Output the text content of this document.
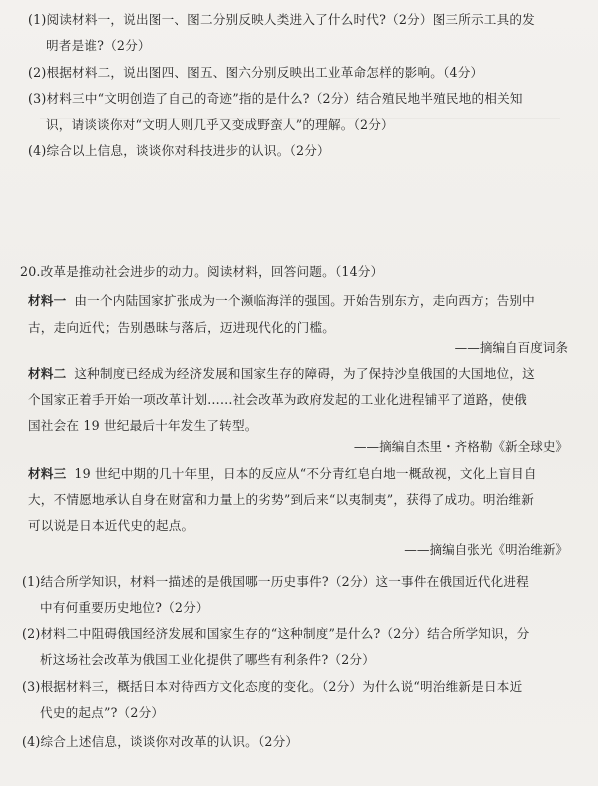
(1)阅读材料一，说出图一、图二分别反映人类进入了什么时代?（2分）图三所示工具的发
明者是谁?（2分）
(2)根据材料二，说出图四、图五、图六分别反映出工业革命怎样的影响。（4分）
(3)材料三中“文明创造了自己的奇迹”指的是什么?（2分）结合殖民地半殖民地的相关知
识，请谈谈你对“文明人则几乎又变成野蛮人”的理解。（2分）
(4)综合以上信息，谈谈你对科技进步的认识。（2分）
20.改革是推动社会进步的动力。阅读材料，回答问题。（14分）
材料一 由一个内陆国家扩张成为一个濒临海洋的强国。开始告别东方，走向西方；告别中
古，走向近代；告别愚昧与落后，迈进现代化的门槛。
——摘编自百度词条
材料二 这种制度已经成为经济发展和国家生存的障碍，为了保持沙皇俄国的大国地位，这
个国家正着手开始一项改革计划……社会改革为政府发起的工业化进程铺平了道路，使俄
国社会在 19 世纪最后十年发生了转型。
——摘编自杰里・齐格勒《新全球史》
材料三 19 世纪中期的几十年里，日本的反应从“不分青红皂白地一概敌视，文化上盲目自
大，不情愿地承认自身在财富和力量上的劣势”到后来“以夷制夷”，获得了成功。明治维新
可以说是日本近代史的起点。
——摘编自张光《明治维新》
(1)结合所学知识，材料一描述的是俄国哪一历史事件?（2分）这一事件在俄国近代化进程
中有何重要历史地位?（2分）
(2)材料二中阻碍俄国经济发展和国家生存的“这种制度”是什么?（2分）结合所学知识，分
析这场社会改革为俄国工业化提供了哪些有利条件?（2分）
(3)根据材料三，概括日本对待西方文化态度的变化。（2分）为什么说“明治维新是日本近
代史的起点”?（2分）
(4)综合上述信息，谈谈你对改革的认识。（2分）
